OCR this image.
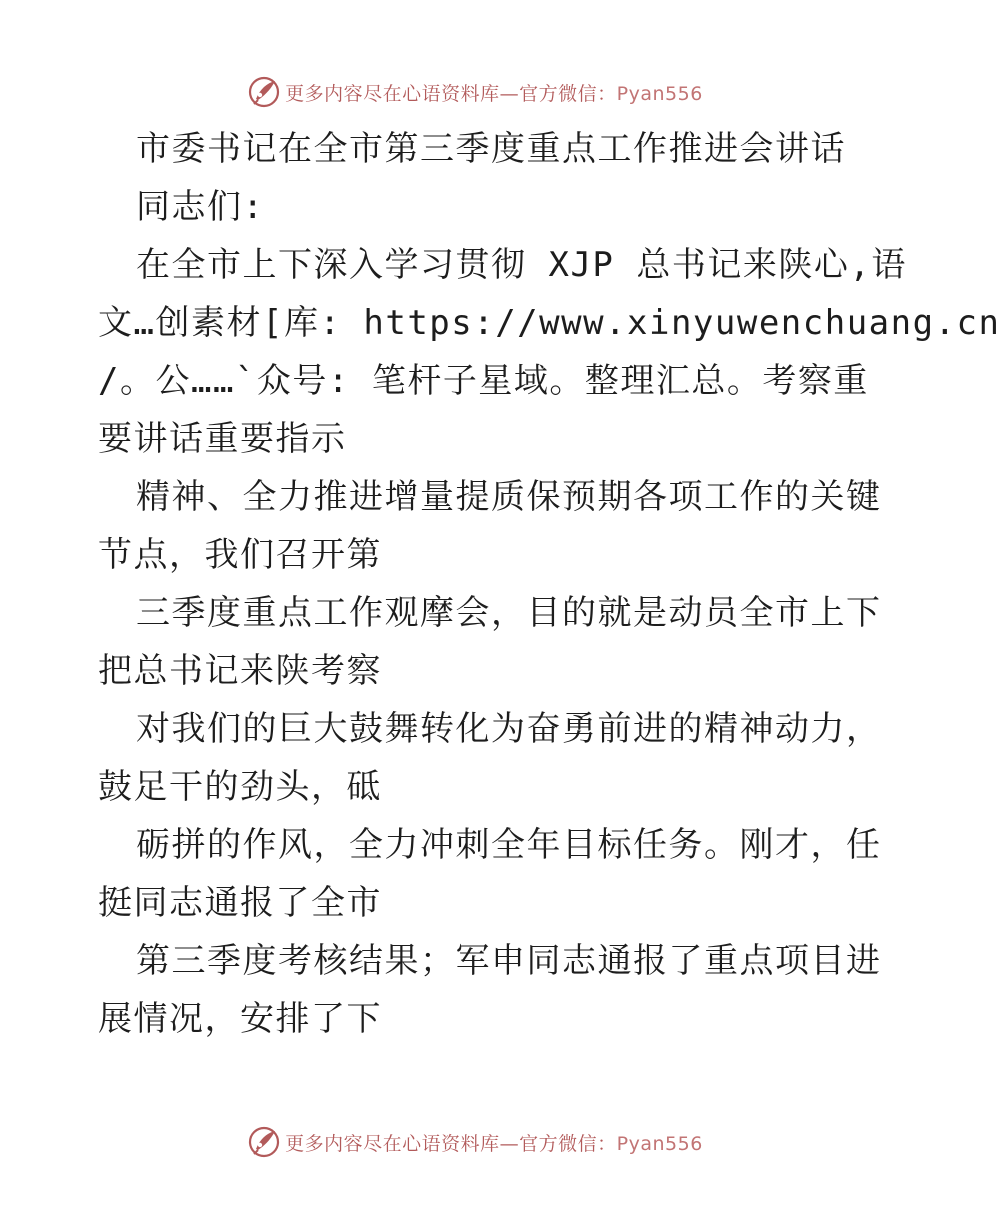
更多内容尽在心语资料库—官方微信：Pyan556
市委书记在全市第三季度重点工作推进会讲话
同志们:
在全市上下深入学习贯彻 XJP 总书记来陕心,语
文…创素材[库: https://www.xinyuwenchuang.cn
/。公……`众号: 笔杆子星域。整理汇总。考察重
要讲话重要指示
精神、全力推进增量提质保预期各项工作的关键
节点，我们召开第
三季度重点工作观摩会，目的就是动员全市上下
把总书记来陕考察
对我们的巨大鼓舞转化为奋勇前进的精神动力，
鼓足干的劲头，砥
砺拼的作风，全力冲刺全年目标任务。刚才，任
挺同志通报了全市
第三季度考核结果；军申同志通报了重点项目进
展情况，安排了下
更多内容尽在心语资料库—官方微信：Pyan556
